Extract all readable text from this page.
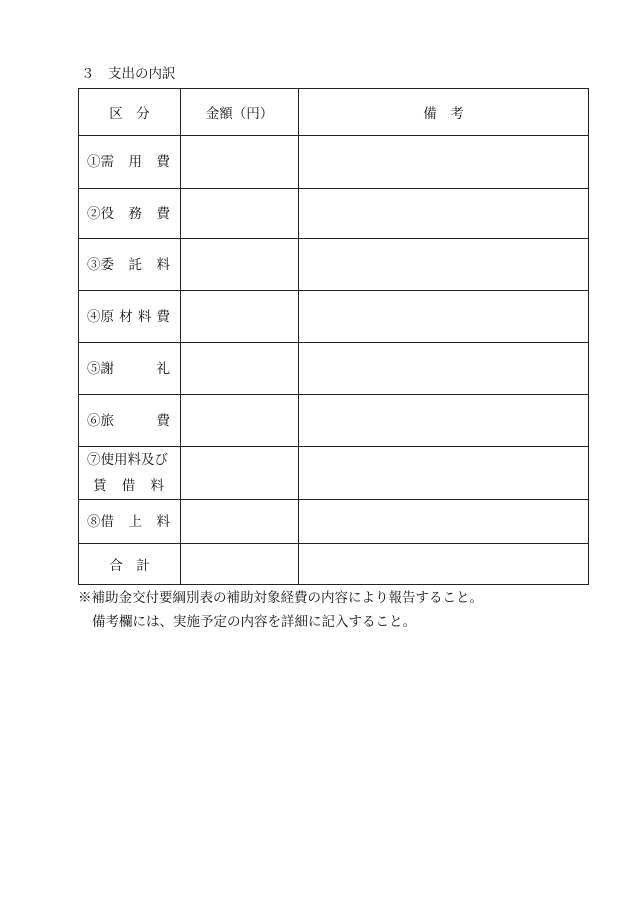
３　支出の内訳
区　分	金額（円）	備　考

①需 用 費		

②役 務 費		

③委 託 料		

④原 材 料 費		

⑤謝 礼		

⑥旅 費		

⑦使用料及び
賃 借 料		

⑧借 上 料		

合　計		
※補助金交付要綱別表の補助対象経費の内容により報告すること。
備考欄には、実施予定の内容を詳細に記入すること。
